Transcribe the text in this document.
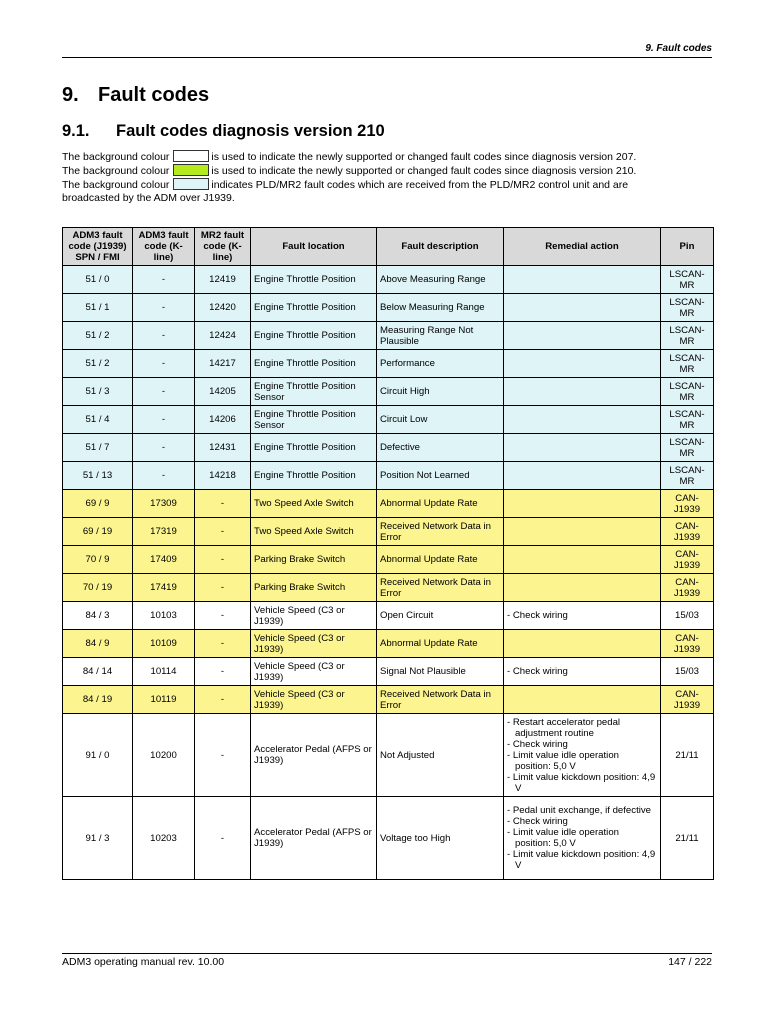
9. Fault codes
9. Fault codes
9.1. Fault codes diagnosis version 210
The background colour	is used to indicate the newly supported or changed fault codes since diagnosis version 207.
The background colour	is used to indicate the newly supported or changed fault codes since diagnosis version 210.
The background colour	indicates PLD/MR2 fault codes which are received from the PLD/MR2 control unit and are
broadcasted by the ADM over J1939.
ADM3 fault code (J1939) SPN / FMI	ADM3 fault code (K-line)	MR2 fault code (K-line)	Fault location	Fault description	Remedial action	Pin
51 / 0	-	12419	Engine Throttle Position	Above Measuring Range		LSCAN-MR
51 / 1	-	12420	Engine Throttle Position	Below Measuring Range		LSCAN-MR
51 / 2	-	12424	Engine Throttle Position	Measuring Range Not Plausible		LSCAN-MR
51 / 2	-	14217	Engine Throttle Position	Performance		LSCAN-MR
51 / 3	-	14205	Engine Throttle Position Sensor	Circuit High		LSCAN-MR
51 / 4	-	14206	Engine Throttle Position Sensor	Circuit Low		LSCAN-MR
51 / 7	-	12431	Engine Throttle Position	Defective		LSCAN-MR
51 / 13	-	14218	Engine Throttle Position	Position Not Learned		LSCAN-MR
69 / 9	17309	-	Two Speed Axle Switch	Abnormal Update Rate		CAN-J1939
69 / 19	17319	-	Two Speed Axle Switch	Received Network Data in Error		CAN-J1939
70 / 9	17409	-	Parking Brake Switch	Abnormal Update Rate		CAN-J1939
70 / 19	17419	-	Parking Brake Switch	Received Network Data in Error		CAN-J1939
84 / 3	10103	-	Vehicle Speed (C3 or J1939)	Open Circuit	- Check wiring	15/03
84 / 9	10109	-	Vehicle Speed (C3 or J1939)	Abnormal Update Rate		CAN-J1939
84 / 14	10114	-	Vehicle Speed (C3 or J1939)	Signal Not Plausible	- Check wiring	15/03
84 / 19	10119	-	Vehicle Speed (C3 or J1939)	Received Network Data in Error		CAN-J1939
91 / 0	10200	-	Accelerator Pedal (AFPS or J1939)	Not Adjusted	- Restart accelerator pedal adjustment routine
- Check wiring
- Limit value idle operation position: 5,0 V
- Limit value kickdown position: 4,9 V	21/11
91 / 3	10203	-	Accelerator Pedal (AFPS or J1939)	Voltage too High	- Pedal unit exchange, if defective
- Check wiring
- Limit value idle operation position: 5,0 V
- Limit value kickdown position: 4,9 V	21/11
ADM3 operating manual rev. 10.00	147 / 222
